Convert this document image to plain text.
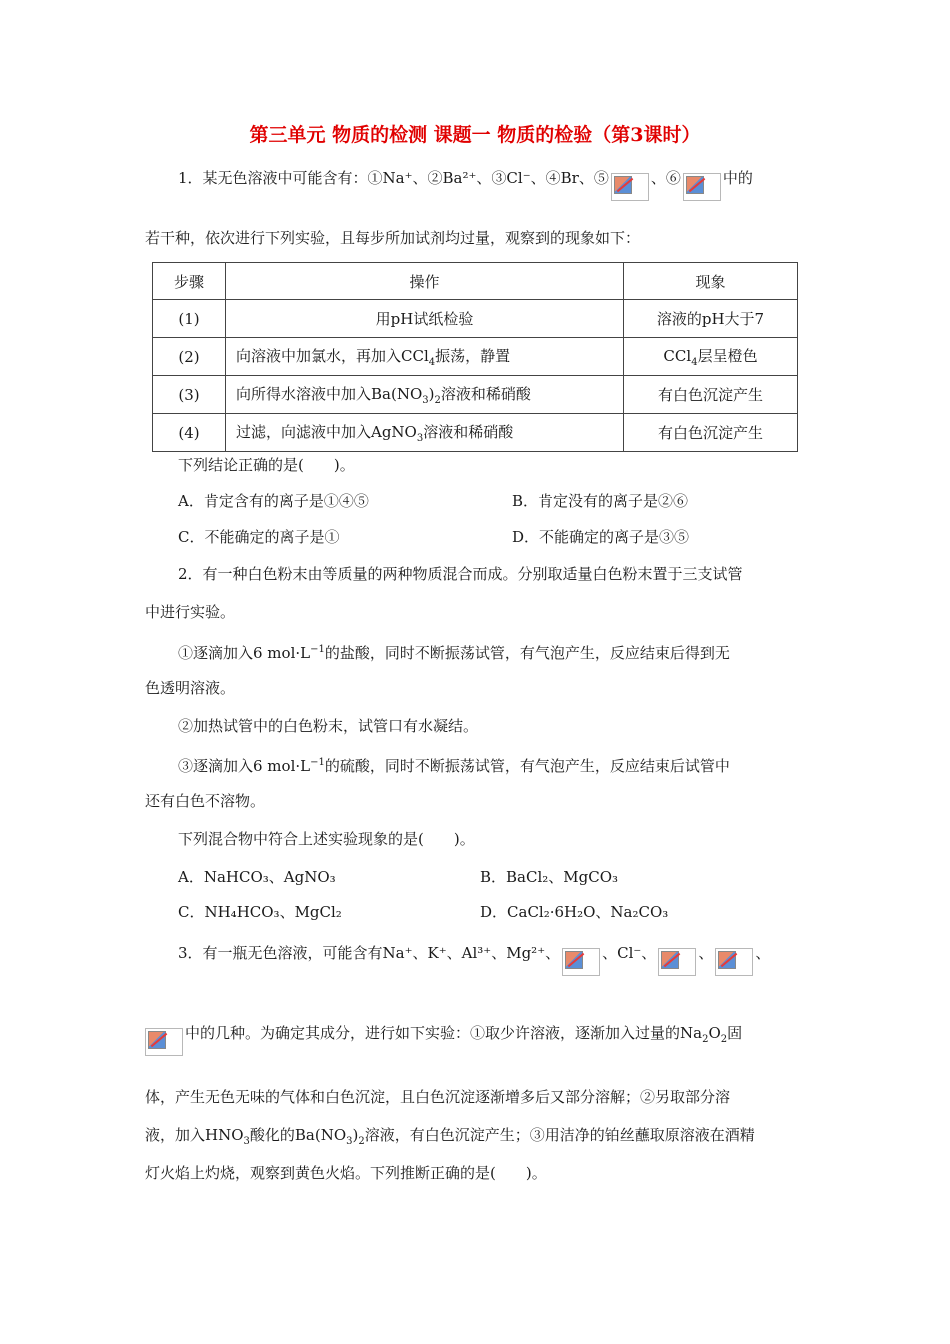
第三单元 物质的检测 课题一 物质的检验（第3课时）
1．某无色溶液中可能含有：①Na⁺、②Ba²⁺、③Cl⁻、④Br、⑤	、⑥	中的
若干种，依次进行下列实验，且每步所加试剂均过量，观察到的现象如下：
步骤	操作	现象
(1)	用pH试纸检验	溶液的pH大于7
(2)	向溶液中加氯水，再加入CCl$_4$振荡，静置	CCl$_4$层呈橙色
(3)	向所得水溶液中加入$Ba(NO_3)_2$溶液和稀硝酸	有白色沉淀产生
(4)	过滤，向滤液中加入AgNO$_3$溶液和稀硝酸	有白色沉淀产生
下列结论正确的是(　　)。
A．肯定含有的离子是①④⑤	B．肯定没有的离子是②⑥
C．不能确定的离子是①	D．不能确定的离子是③⑤
2．有一种白色粉末由等质量的两种物质混合而成。分别取适量白色粉末置于三支试管
中进行实验。
①逐滴加入6 $mol\cdot L^{-1}$的盐酸，同时不断振荡试管，有气泡产生，反应结束后得到无
色透明溶液。
②加热试管中的白色粉末，试管口有水凝结。
③逐滴加入6 $mol\cdot L^{-1}$的硫酸，同时不断振荡试管，有气泡产生，反应结束后试管中
还有白色不溶物。
下列混合物中符合上述实验现象的是(　　)。
A．NaHCO₃、AgNO₃	B．BaCl₂、MgCO₃
C．NH₄HCO₃、MgCl₂	D．CaCl₂·6H₂O、Na₂CO₃
3．有一瓶无色溶液，可能含有Na⁺、K⁺、Al³⁺、Mg²⁺、	、Cl⁻、	、	、
中的几种。为确定其成分，进行如下实验：①取少许溶液，逐渐加入过量的$Na_2O_2$固
体，产生无色无味的气体和白色沉淀，且白色沉淀逐渐增多后又部分溶解；②另取部分溶
液，加入$HNO_3$酸化的$Ba(NO_3)_2$溶液，有白色沉淀产生；③用洁净的铂丝蘸取原溶液在酒精
灯火焰上灼烧，观察到黄色火焰。下列推断正确的是(　　)。
